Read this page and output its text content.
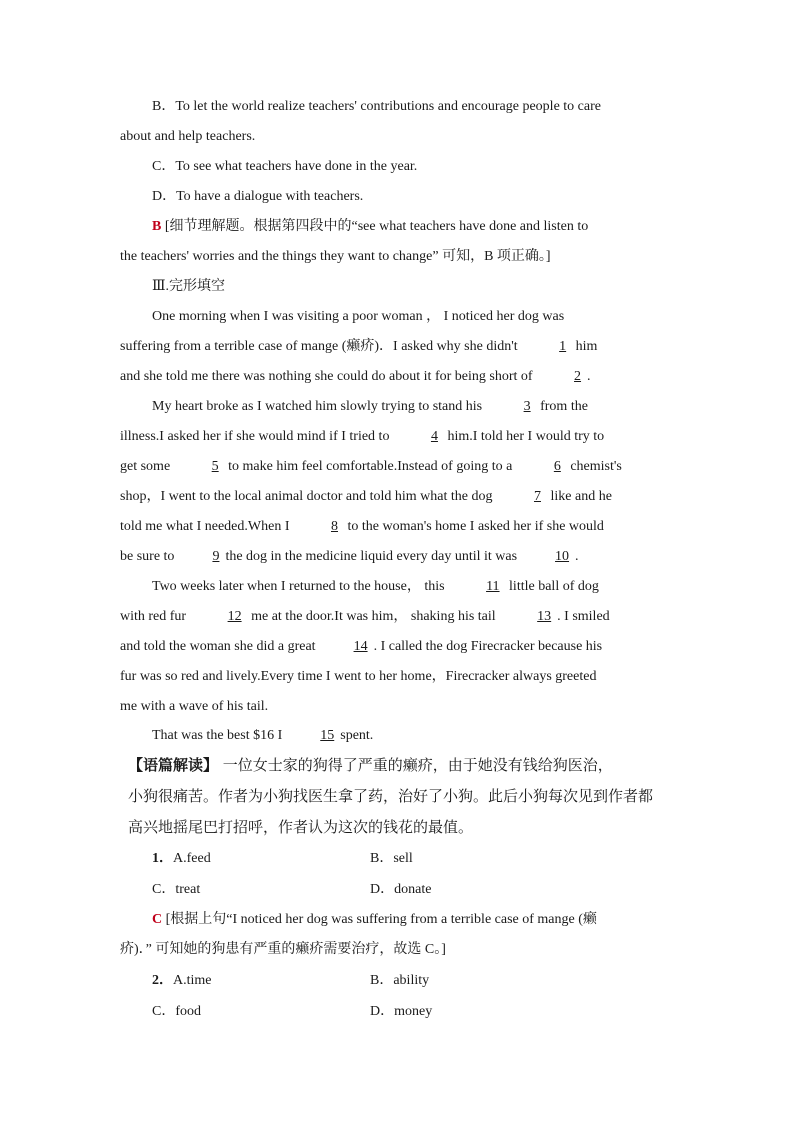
B．To let the world realize teachers' contributions and encourage people to care

about and help teachers.

C．To see what teachers have done in the year.

D．To have a dialogue with teachers.

B [细节理解题。根据第四段中的“see what teachers have done and listen to

the teachers' worries and the things they want to change” 可知，B 项正确。]

Ⅲ.完形填空

One morning when I was visiting a poor woman ， I noticed her dog was
suffering from a terrible case of mange (癞疥)．I asked why she didn't	1 him
and she told me there was nothing she could do about it for being short of	2 .

My heart broke as I watched him slowly trying to stand his	3 from the
illness.I asked her if she would mind if I tried to	4 him.I told her I would try to
get some	5 to make him feel comfortable.Instead of going to a	6 chemist's
shop，I went to the local animal doctor and told him what the dog	7 like and he
told me what I needed.When I	8 to the woman's home I asked her if she would
be sure to	9 the dog in the medicine liquid every day until it was	10 .

Two weeks later when I returned to the house， this	11 little ball of dog
with red fur	12 me at the door.It was him， shaking his tail	13 . I smiled
and told the woman she did a great	14 . I called the dog Firecracker because his
fur was so red and lively.Every time I went to her home，Firecracker always greeted
me with a wave of his tail.

That was the best $16 I	15 spent.

【语篇解读】 一位女士家的狗得了严重的癞疥，由于她没有钱给狗医治，
小狗很痛苦。作者为小狗找医生拿了药，治好了小狗。此后小狗每次见到作者都
高兴地摇尾巴打招呼，作者认为这次的钱花的最值。

1．A.feed	B．sell
C．treat	D．donate

C [根据上句“I noticed her dog was suffering from a terrible case of mange (癞

疥)．” 可知她的狗患有严重的癞疥需要治疗，故选 C。]

2．A.time	B．ability
C．food	D．money
